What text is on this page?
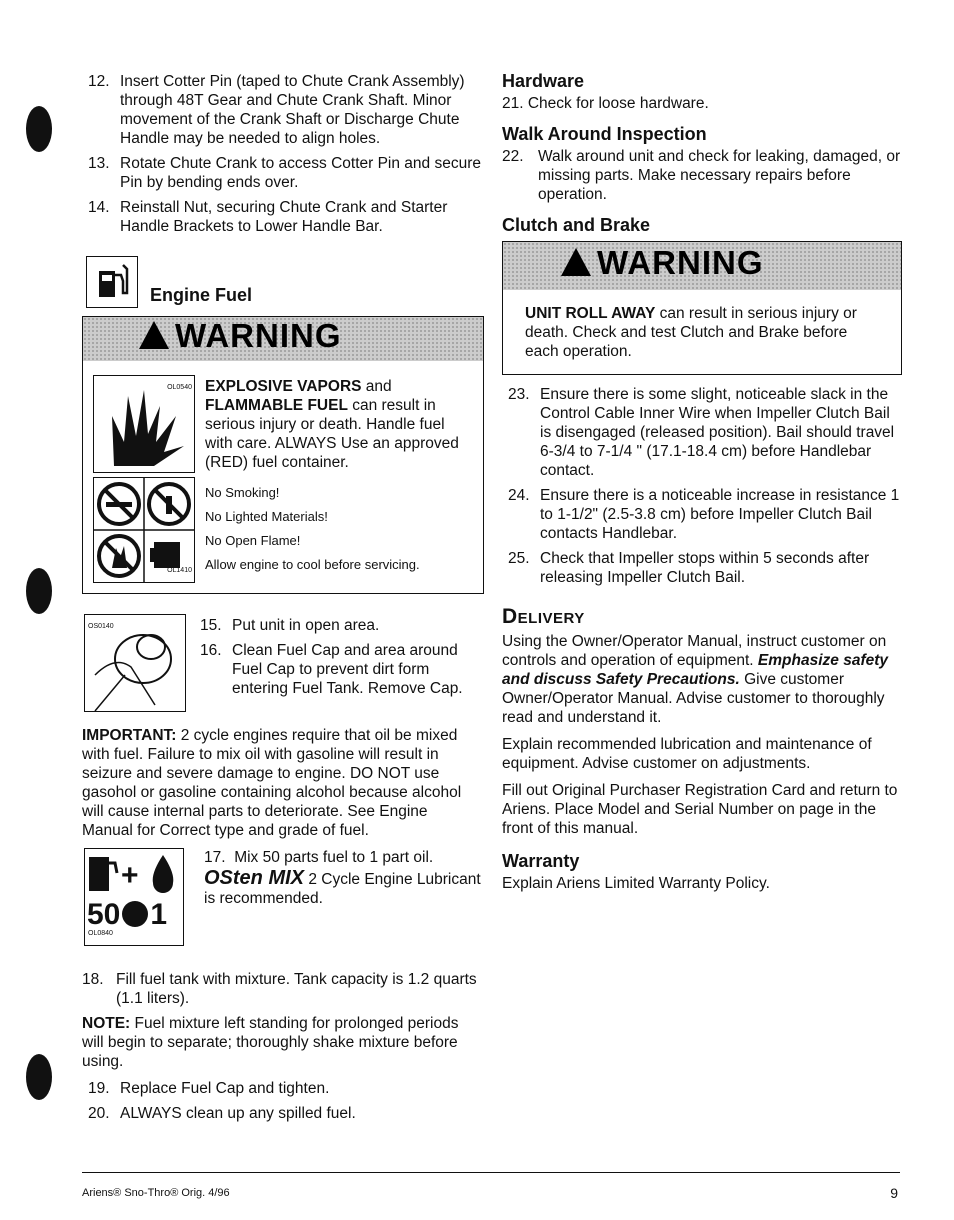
12. Insert Cotter Pin (taped to Chute Crank Assembly) through 48T Gear and Chute Crank Shaft. Minor movement of the Crank Shaft or Discharge Chute Handle may be needed to align holes.
13. Rotate Chute Crank to access Cotter Pin and secure Pin by bending ends over.
14. Reinstall Nut, securing Chute Crank and Starter Handle Brackets to Lower Handle Bar.
Engine Fuel
WARNING
OL0540 EXPLOSIVE VAPORS and FLAMMABLE FUEL can result in serious injury or death. Handle fuel with care. ALWAYS Use an approved (RED) fuel container.
OL1410
No Smoking!
No Lighted Materials!
No Open Flame!
Allow engine to cool before servicing.
OS0140	15. Put unit in open area.
16. Clean Fuel Cap and area around Fuel Cap to prevent dirt form entering Fuel Tank. Remove Cap.

IMPORTANT: 2 cycle engines require that oil be mixed with fuel. Failure to mix oil with gasoline will result in seizure and severe damage to engine. DO NOT use gasohol or gasoline containing alcohol because alcohol will cause internal parts to deteriorate. See Engine Manual for Correct type and grade of fuel.

+
50 1
OL0840
17. Mix 50 parts fuel to 1 part oil.
OSten MIX 2 Cycle Engine Lubricant is recommended.
18. Fill fuel tank with mixture. Tank capacity is 1.2 quarts (1.1 liters).

NOTE: Fuel mixture left standing for prolonged periods will begin to separate; thoroughly shake mixture before using.

19. Replace Fuel Cap and tighten.
20. ALWAYS clean up any spilled fuel.
Hardware

21. Check for loose hardware.

Walk Around Inspection
22. Walk around unit and check for leaking, damaged, or missing parts. Make necessary repairs before operation.
Clutch and Brake
WARNING
UNIT ROLL AWAY can result in serious injury or death. Check and test Clutch and Brake before each operation.
23. Ensure there is some slight, noticeable slack in the Control Cable Inner Wire when Impeller Clutch Bail is disengaged (released position). Bail should travel 6-3/4 to 7-1/4 " (17.1-18.4 cm) before Handlebar contact.
24. Ensure there is a noticeable increase in resistance 1 to 1-1/2" (2.5-3.8 cm) before Impeller Clutch Bail contacts Handlebar.
25. Check that Impeller stops within 5 seconds after releasing Impeller Clutch Bail.
Delivery

Using the Owner/Operator Manual, instruct customer on controls and operation of equipment. Emphasize safety and discuss Safety Precautions. Give customer Owner/Operator Manual. Advise customer to thoroughly read and understand it.

Explain recommended lubrication and maintenance of equipment. Advise customer on adjustments.

Fill out Original Purchaser Registration Card and return to Ariens. Place Model and Serial Number on page in the front of this manual.

Warranty

Explain Ariens Limited Warranty Policy.

Ariens® Sno-Thro® Orig. 4/96	9
